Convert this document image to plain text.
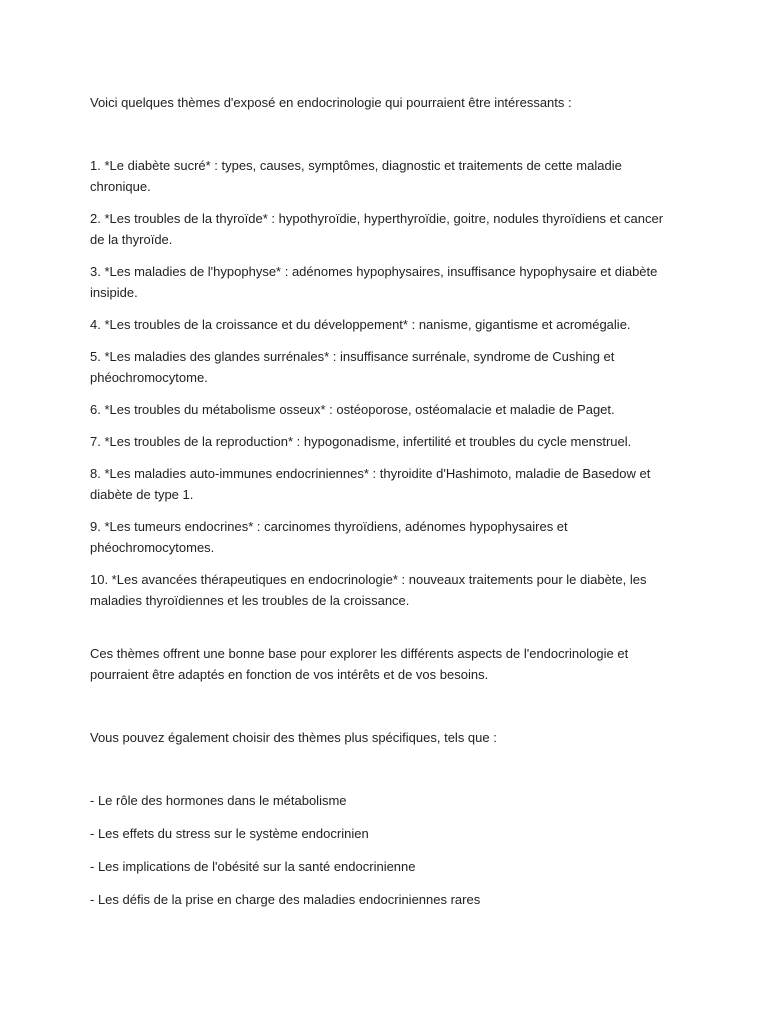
Voici quelques thèmes d'exposé en endocrinologie qui pourraient être intéressants :

1. *Le diabète sucré* : types, causes, symptômes, diagnostic et traitements de cette maladie chronique.
2. *Les troubles de la thyroïde* : hypothyroïdie, hyperthyroïdie, goitre, nodules thyroïdiens et cancer de la thyroïde.
3. *Les maladies de l'hypophyse* : adénomes hypophysaires, insuffisance hypophysaire et diabète insipide.
4. *Les troubles de la croissance et du développement* : nanisme, gigantisme et acromégalie.
5. *Les maladies des glandes surrénales* : insuffisance surrénale, syndrome de Cushing et phéochromocytome.
6. *Les troubles du métabolisme osseux* : ostéoporose, ostéomalacie et maladie de Paget.
7. *Les troubles de la reproduction* : hypogonadisme, infertilité et troubles du cycle menstruel.
8. *Les maladies auto-immunes endocriniennes* : thyroidite d'Hashimoto, maladie de Basedow et diabète de type 1.
9. *Les tumeurs endocrines* : carcinomes thyroïdiens, adénomes hypophysaires et phéochromocytomes.
10. *Les avancées thérapeutiques en endocrinologie* : nouveaux traitements pour le diabète, les maladies thyroïdiennes et les troubles de la croissance.

Ces thèmes offrent une bonne base pour explorer les différents aspects de l'endocrinologie et pourraient être adaptés en fonction de vos intérêts et de vos besoins.

Vous pouvez également choisir des thèmes plus spécifiques, tels que :

- Le rôle des hormones dans le métabolisme

- Les effets du stress sur le système endocrinien

- Les implications de l'obésité sur la santé endocrinienne

- Les défis de la prise en charge des maladies endocriniennes rares
